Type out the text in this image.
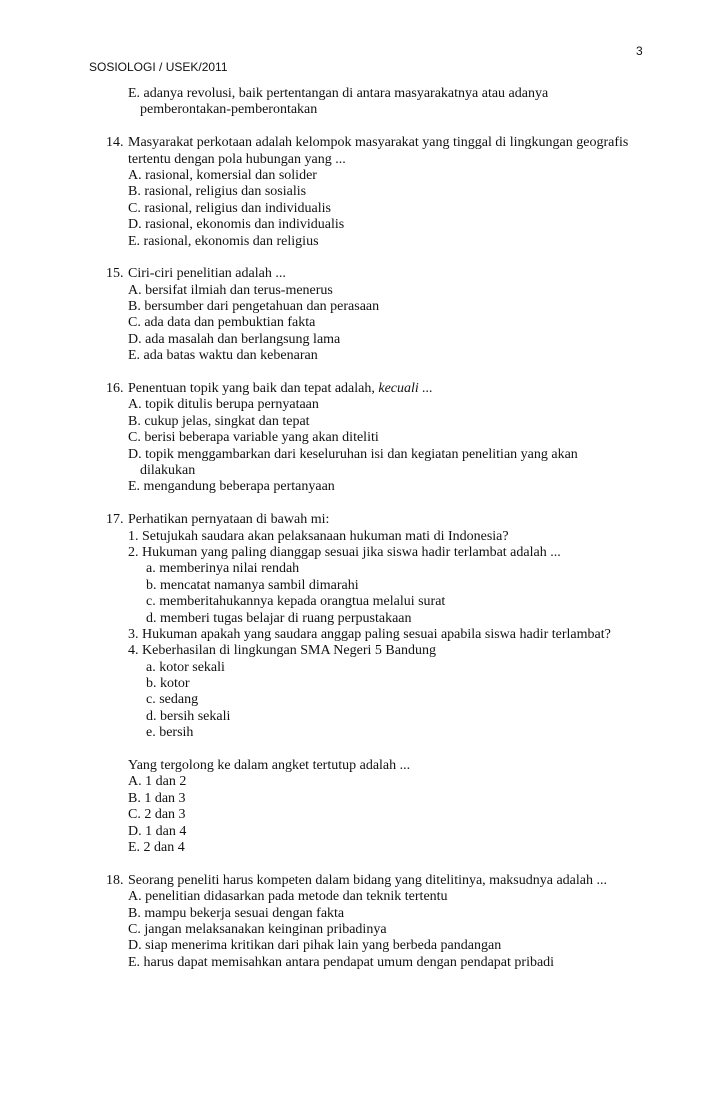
3
SOSIOLOGI / USEK/2011
E. adanya revolusi, baik pertentangan di antara masyarakatnya atau adanya
pemberontakan-pemberontakan
14. Masyarakat perkotaan adalah kelompok masyarakat yang tinggal di lingkungan geografis
tertentu dengan pola hubungan yang ...
A. rasional, komersial dan solider
B. rasional, religius dan sosialis
C. rasional, religius dan individualis
D. rasional, ekonomis dan individualis
E. rasional, ekonomis dan religius
15. Ciri-ciri penelitian adalah ...
A. bersifat ilmiah dan terus-menerus
B. bersumber dari pengetahuan dan perasaan
C. ada data dan pembuktian fakta
D. ada masalah dan berlangsung lama
E. ada batas waktu dan kebenaran
16. Penentuan topik yang baik dan tepat adalah, kecuali ...
A. topik ditulis berupa pernyataan
B. cukup jelas, singkat dan tepat
C. berisi beberapa variable yang akan diteliti
D. topik menggambarkan dari keseluruhan isi dan kegiatan penelitian yang akan
dilakukan
E. mengandung beberapa pertanyaan
17. Perhatikan pernyataan di bawah mi:
1. Setujukah saudara akan pelaksanaan hukuman mati di Indonesia?
2. Hukuman yang paling dianggap sesuai jika siswa hadir terlambat adalah ...
a. memberinya nilai rendah
b. mencatat namanya sambil dimarahi
c. memberitahukannya kepada orangtua melalui surat
d. memberi tugas belajar di ruang perpustakaan
3. Hukuman apakah yang saudara anggap paling sesuai apabila siswa hadir terlambat?
4. Keberhasilan di lingkungan SMA Negeri 5 Bandung
a. kotor sekali
b. kotor
c. sedang
d. bersih sekali
e. bersih
Yang tergolong ke dalam angket tertutup adalah ...
A. 1 dan 2
B. 1 dan 3
C. 2 dan 3
D. 1 dan 4
E. 2 dan 4
18. Seorang peneliti harus kompeten dalam bidang yang ditelitinya, maksudnya adalah ...
A. penelitian didasarkan pada metode dan teknik tertentu
B. mampu bekerja sesuai dengan fakta
C. jangan melaksanakan keinginan pribadinya
D. siap menerima kritikan dari pihak lain yang berbeda pandangan
E. harus dapat memisahkan antara pendapat umum dengan pendapat pribadi
